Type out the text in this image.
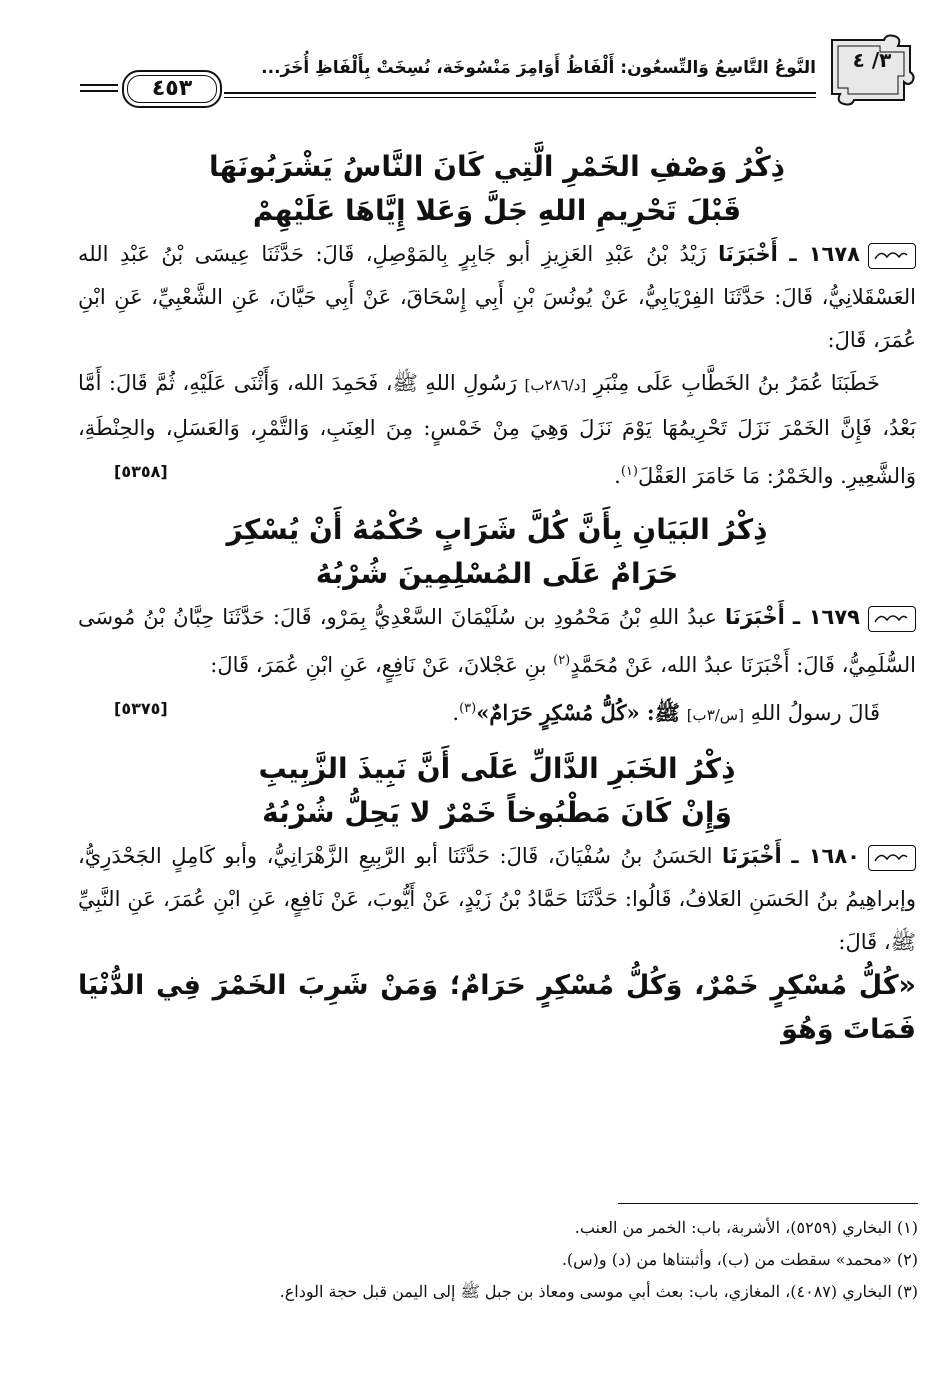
٣/ ٤
النَّوعُ التَّاسِعُ وَالتِّسعُون: أَلْفَاظُ أَوَامِرَ مَنْسُوخَة، نُسِخَتْ بِأَلْفَاظِ أُخَرَ...
٤٥٣

ذِكْرُ وَصْفِ الخَمْرِ الَّتِي كَانَ النَّاسُ يَشْرَبُونَهَا
قَبْلَ تَحْرِيمِ اللهِ جَلَّ وَعَلا إِيَّاهَا عَلَيْهِمْ

١٦٧٨ ـ أَخْبَرَنَا زَيْدُ بْنُ عَبْدِ العَزِيزِ أبو جَابِرٍ بِالمَوْصِلِ، قَالَ: حَدَّثَنَا عِيسَى بْنُ عَبْدِ الله العَسْقَلانِيُّ، قَالَ: حَدَّثَنَا الفِرْيَابِيُّ، عَنْ يُونُسَ بْنِ أَبِي إِسْحَاقَ، عَنْ أَبِي حَيَّانَ، عَنِ الشَّعْبِيِّ، عَنِ ابْنِ عُمَرَ، قَالَ:

خَطَبَنَا عُمَرُ بنُ الخَطَّابِ عَلَى مِنْبَرِ [د/٢٨٦ب] رَسُولِ اللهِ ﷺ، فَحَمِدَ الله، وَأَثْنَى عَلَيْهِ، ثُمَّ قَالَ: أَمَّا بَعْدُ، فَإِنَّ الخَمْرَ نَزَلَ تَحْرِيمُهَا يَوْمَ نَزَلَ وَهِيَ مِنْ خَمْسٍ: مِنَ العِنَبِ، وَالتَّمْرِ، وَالعَسَلِ، والحِنْطَةِ، وَالشَّعِيرِ. والخَمْرُ: مَا خَامَرَ العَقْلَ$^{(١)}$.
[٥٣٥٨]

ذِكْرُ البَيَانِ بِأَنَّ كُلَّ شَرَابٍ حُكْمُهُ أَنْ يُسْكِرَ
حَرَامٌ عَلَى المُسْلِمِينَ شُرْبُهُ

١٦٧٩ ـ أَخْبَرَنَا عبدُ اللهِ بْنُ مَحْمُودِ بن سُلَيْمَانَ السَّعْدِيُّ بِمَرْو، قَالَ: حَدَّثَنَا حِبَّانُ بْنُ مُوسَى السُّلَمِيُّ، قَالَ: أَخْبَرَنَا عبدُ الله، عَنْ مُحَمَّدٍ$^{(٢)}$ بنِ عَجْلانَ، عَنْ نَافِعٍ، عَنِ ابْنِ عُمَرَ، قَالَ:

قَالَ رسولُ اللهِ [س/٣ب] ﷺ: «كُلُّ مُسْكِرٍ حَرَامٌ»$^{(٣)}$.
[٥٣٧٥]

ذِكْرُ الخَبَرِ الدَّالِّ عَلَى أَنَّ نَبِيذَ الزَّبِيبِ
وَإِنْ كَانَ مَطْبُوخاً خَمْرٌ لا يَحِلُّ شُرْبُهُ

١٦٨٠ ـ أَخْبَرَنَا الحَسَنُ بنُ سُفْيَانَ، قَالَ: حَدَّثَنَا أبو الرَّبِيعِ الزَّهْرَانِيُّ، وأبو كَامِلٍ الجَحْدَرِيُّ، وإبراهِيمُ بنُ الحَسَنِ العَلافُ، قَالُوا: حَدَّثَنَا حَمَّادُ بْنُ زَيْدٍ، عَنْ أَيُّوبَ، عَنْ نَافِعٍ، عَنِ ابْنِ عُمَرَ، عَنِ النَّبِيِّ ﷺ، قَالَ:

«كُلُّ مُسْكِرٍ خَمْرٌ، وَكُلُّ مُسْكِرٍ حَرَامٌ؛ وَمَنْ شَرِبَ الخَمْرَ فِي الدُّنْيَا فَمَاتَ وَهُوَ

(١) البخاري (٥٢٥٩)، الأشربة، باب: الخمر من العنب.

(٢) «محمد» سقطت من (ب)، وأثبتناها من (د) و(س).

(٣) البخاري (٤٠٨٧)، المغازي، باب: بعث أبي موسى ومعاذ بن جبل ﷺ إلى اليمن قبل حجة الوداع.
